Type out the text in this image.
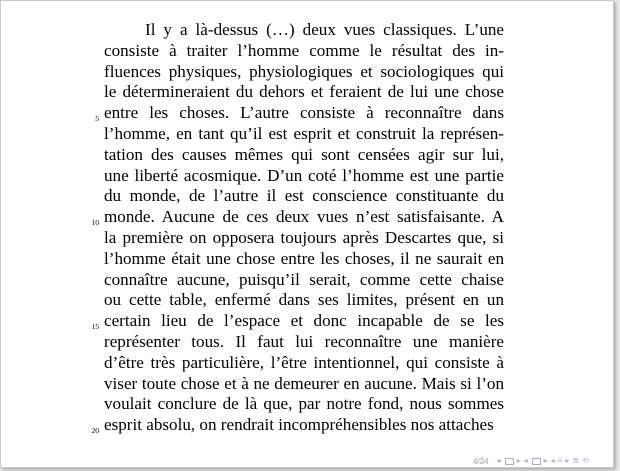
Il y a là-dessus (…) deux vues classiques. L’une
consiste à traiter l’homme comme le résultat des in-
fluences physiques, physiologiques et sociologiques qui
le détermineraient du dehors et feraient de lui une chose
entre les choses. L’autre consiste à reconnaître dans
l’homme, en tant qu’il est esprit et construit la représen-
tation des causes mêmes qui sont censées agir sur lui,
une liberté acosmique. D’un coté l’homme est une partie
du monde, de l’autre il est conscience constituante du
monde. Aucune de ces deux vues n’est satisfaisante. A
la première on opposera toujours après Descartes que, si
l’homme était une chose entre les choses, il ne saurait en
connaître aucune, puisqu’il serait, comme cette chaise
ou cette table, enfermé dans ses limites, présent en un
certain lieu de l’espace et donc incapable de se les
représenter tous. Il faut lui reconnaître une manière
d’être très particulière, l’être intentionnel, qui consiste à
viser toute chose et à ne demeurer en aucune. Mais si l’on
voulait conclure de là que, par notre fond, nous sommes
esprit absolu, on rendrait incompréhensibles nos attaches
5
10
15
20
4/34 ◂ ▸ ◂ ▸ ◂ ≡ ▸ ≣ ⟲
